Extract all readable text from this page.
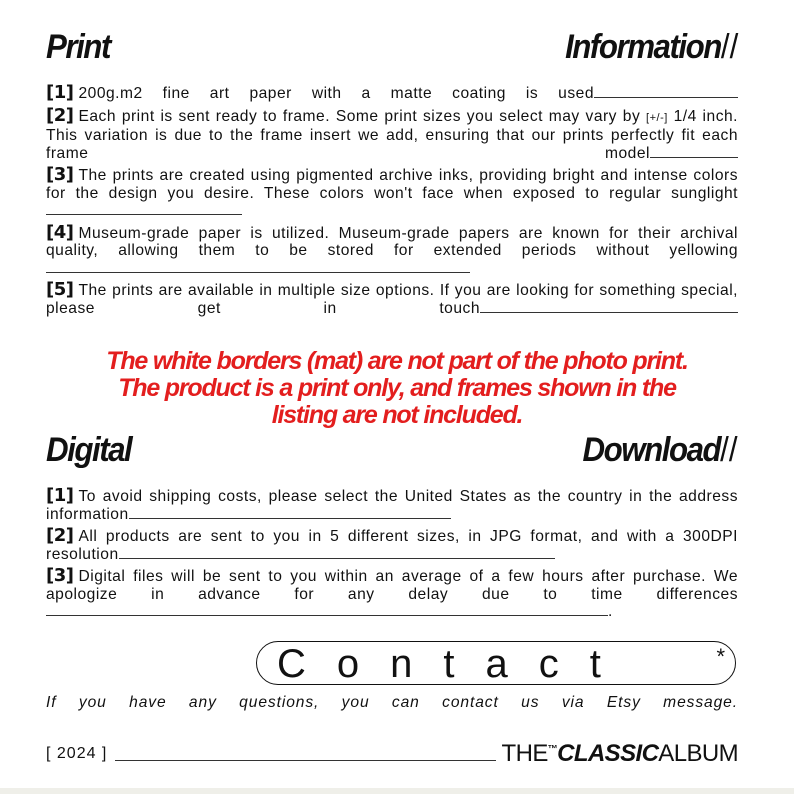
Print	Information//

[1] 200g.m2 fine art paper with a matte coating is used

[2] Each print is sent ready to frame. Some print sizes you select may vary by [+/-] 1/4 inch. This variation is due to the frame insert we add, ensuring that our prints perfectly fit each frame model

[3] The prints are created using pigmented archive inks, providing bright and intense colors for the design you desire. These colors won't face when exposed to regular sunglight

[4] Museum-grade paper is utilized. Museum-grade papers are known for their archival quality, allowing them to be stored for extended periods without yellowing

[5] The prints are available in multiple size options. If you are looking for something special, please get in touch

The white borders (mat) are not part of the photo print.
The product is a print only, and frames shown in the
listing are not included.
Digital	Download//

[1] To avoid shipping costs, please select the United States as the country in the address information

[2] All products are sent to you in 5 different sizes, in JPG format, and with a 300DPI resolution

[3] Digital files will be sent to you within an average of a few hours after purchase. We apologize in advance for any delay due to time differences.

Contact	*
If you have any questions, you can contact us via Etsy message.
[ 2024 ]	THE™CLASSICALBUM
